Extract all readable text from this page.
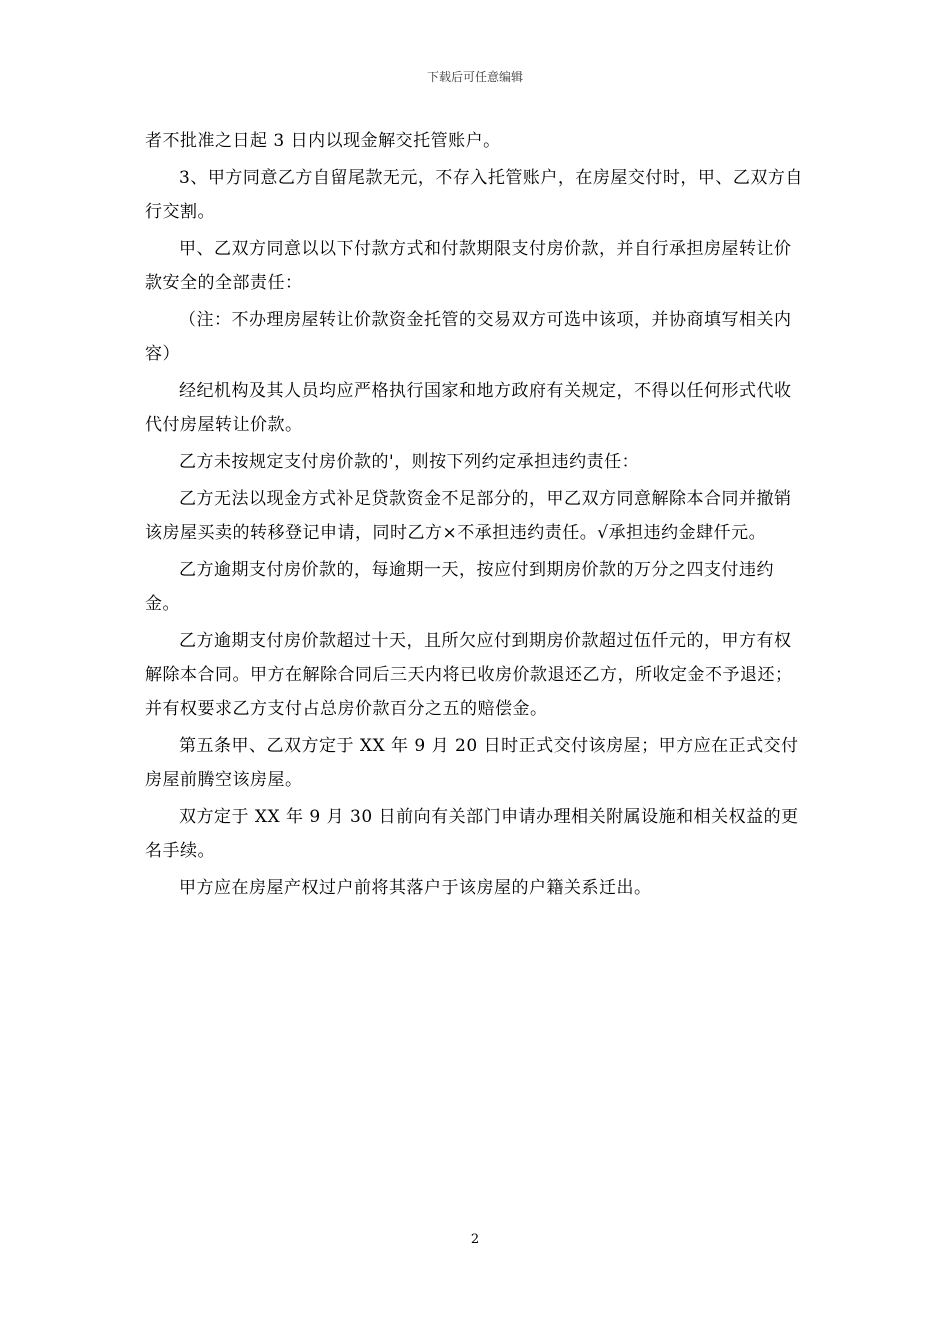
下载后可任意编辑

者不批准之日起 3 日内以现金解交托管账户。

3、甲方同意乙方自留尾款无元，不存入托管账户，在房屋交付时，甲、乙双方自行交割。

甲、乙双方同意以以下付款方式和付款期限支付房价款，并自行承担房屋转让价款安全的全部责任：

（注：不办理房屋转让价款资金托管的交易双方可选中该项，并协商填写相关内容）

经纪机构及其人员均应严格执行国家和地方政府有关规定，不得以任何形式代收代付房屋转让价款。

乙方未按规定支付房价款的'，则按下列约定承担违约责任：

乙方无法以现金方式补足贷款资金不足部分的，甲乙双方同意解除本合同并撤销该房屋买卖的转移登记申请，同时乙方×不承担违约责任。√承担违约金肆仟元。

乙方逾期支付房价款的，每逾期一天，按应付到期房价款的万分之四支付违约金。

乙方逾期支付房价款超过十天，且所欠应付到期房价款超过伍仟元的，甲方有权解除本合同。甲方在解除合同后三天内将已收房价款退还乙方，所收定金不予退还；并有权要求乙方支付占总房价款百分之五的赔偿金。

第五条甲、乙双方定于 XX 年 9 月 20 日时正式交付该房屋；甲方应在正式交付房屋前腾空该房屋。

双方定于 XX 年 9 月 30 日前向有关部门申请办理相关附属设施和相关权益的更名手续。

甲方应在房屋产权过户前将其落户于该房屋的户籍关系迁出。

2
